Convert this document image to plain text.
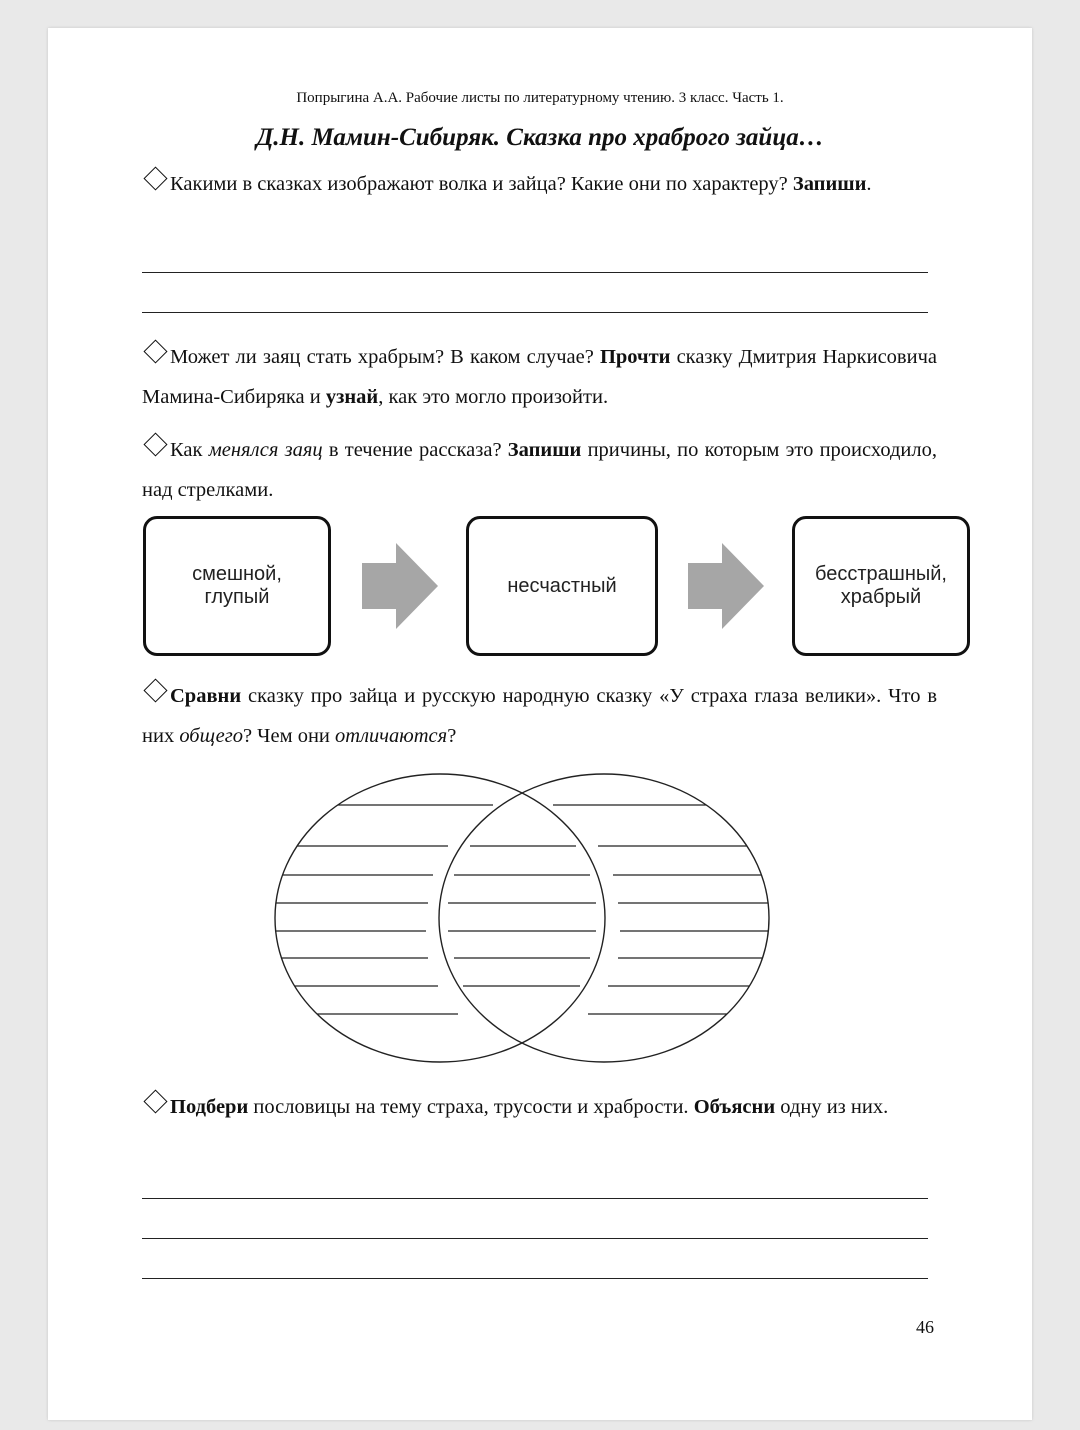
Попрыгина А.А. Рабочие листы по литературному чтению. 3 класс. Часть 1.
Д.Н. Мамин-Сибиряк. Сказка про храброго зайца…
Какими в сказках изображают волка и зайца? Какие они по характеру? Запиши.
Может ли заяц стать храбрым? В каком случае? Прочти сказку Дмитрия Наркисовича Мамина-Сибиряка и узнай, как это могло произойти.
Как менялся заяц в течение рассказа? Запиши причины, по которым это происходило, над стрелками.
смешной,
глупый
несчастный
бесстрашный,
храбрый
Сравни сказку про зайца и русскую народную сказку «У страха глаза велики». Что в них общего? Чем они отличаются?
Подбери пословицы на тему страха, трусости и храбрости. Объясни одну из них.
46
